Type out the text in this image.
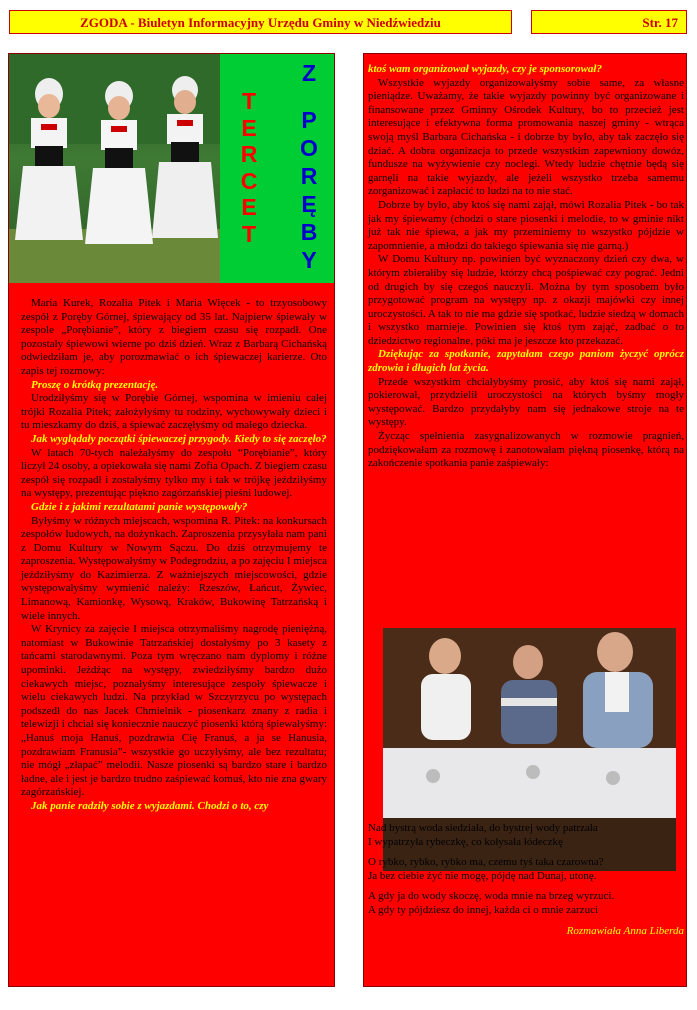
ZGODA - Biuletyn Informacyjny Urzędu Gminy w Niedźwiedziu	Str. 17
T
E
R
C
E
T
Z
P
O
R
Ę
B
Y

Maria Kurek, Rozalia Pitek i Maria Więcek - to trzyosobowy zespół z Poręby Górnej, śpiewający od 35 lat. Najpierw śpiewały w zespole „Porębianie”, który z biegiem czasu się rozpadł. One pozostały śpiewowi wierne po dziś dzień. Wraz z Barbarą Cichańską odwiedziłam je, aby porozmawiać o ich śpiewaczej karierze. Oto zapis tej rozmowy:

Proszę o krótką prezentację.

Urodziłyśmy się w Porębie Górnej, wspomina w imieniu całej trójki Rozalia Pitek; założyłyśmy tu rodziny, wychowywały dzieci i tu mieszkamy do dziś, a śpiewać zaczęłyśmy od małego dziecka.

Jak wyglądały początki śpiewaczej przygody. Kiedy to się zaczęło?

W latach 70-tych należałyśmy do zespołu “Porębianie”, który liczył 24 osoby, a opiekowała się nami Zofia Opach. Z biegiem czasu zespół się rozpadł i zostałyśmy tylko my i tak w trójkę jeździłyśmy na występy, prezentując piękno zagórzańskiej pieśni ludowej.

Gdzie i z jakimi rezultatami panie występowały?

Byłyśmy w różnych miejscach, wspomina R. Pitek: na konkursach zespołów ludowych, na dożynkach. Zaproszenia przysyłała nam pani z Domu Kultury w Nowym Sączu. Do dziś otrzymujemy te zaproszenia. Występowałyśmy w Podegrodziu, a po zajęciu I miejsca jeździłyśmy do Kazimierza. Z ważniejszych miejscowości, gdzie występowałyśmy wymienić należy: Rzeszów, Łańcut, Żywiec, Limanową, Kamionkę, Wysową, Kraków, Bukowinę Tatrzańską i wiele innych.

W Krynicy za zajęcie I miejsca otrzymaliśmy nagrodę pieniężną, natomiast w Bukowinie Tatrzańskiej dostałyśmy po 3 kasety z tańcami starodawnymi. Poza tym wręczano nam dyplomy i różne upominki. Jeżdżąc na występy, zwiedziłyśmy bardzo dużo ciekawych miejsc, poznałyśmy interesujące zespoły śpiewacze i wielu ciekawych ludzi. Na przykład w Szczyrzycu po występach podszedł do nas Jacek Chmielnik - piosenkarz znany z radia i telewizji i chciał się koniecznie nauczyć piosenki którą śpiewałyśmy: „Hanuś moja Hanuś, pozdrawia Cię Franuś, a ja se Hanusia, pozdrawiam Franusia”- wszystkie go uczyłyśmy, ale bez rezultatu; nie mógł „złapać” melodii. Nasze piosenki są bardzo stare i bardzo ładne, ale i jest je bardzo trudno zaśpiewać komuś, kto nie zna gwary zagórzańskiej.

Jak panie radziły sobie z wyjazdami. Chodzi o to, czy

ktoś wam organizował wyjazdy, czy je sponsorował?

Wszystkie wyjazdy organizowałyśmy sobie same, za własne pieniądze. Uważamy, że takie wyjazdy powinny być organizowane i finansowane przez Gminny Ośrodek Kultury, bo to przecież jest interesujące i efektywna forma promowania naszej gminy - wtrąca swoją myśl Barbara Cichańska - i dobrze by było, aby tak zaczęło się dziać. A dobra organizacja to przede wszystkim zapewniony dowóz, fundusze na wyżywienie czy noclegi. Wtedy ludzie chętnie będą się garnęli na takie wyjazdy, ale jeżeli wszystko trzeba samemu zorganizować i zapłacić to ludzi na to nie stać.

Dobrze by było, aby ktoś się nami zajął, mówi Rozalia Pitek - bo tak jak my śpiewamy (chodzi o stare piosenki i melodie, to w gminie nikt już tak nie śpiewa, a jak my przeminiemy to wszystko pójdzie w zapomnienie, a młodzi do takiego śpiewania się nie garną.)

W Domu Kultury np. powinien być wyznaczony dzień czy dwa, w którym zbierałiby się ludzie, którzy chcą pośpiewać czy pograć. Jedni od drugich by się czegoś nauczyli. Można by tym sposobem było przygotować program na występy np. z okazji majówki czy innej uroczystości. A tak to nie ma gdzie się spotkać, ludzie siedzą w domach i wszystko marnieje. Powinien się ktoś tym zająć, zadbać o to dziedzictwo regionalne, póki ma je jeszcze kto przekazać.

Dziękując za spotkanie, zapytałam czego paniom życzyć oprócz zdrowia i długich lat życia.

Przede wszystkim chciałybyśmy prosić, aby ktoś się nami zajął, pokierował, przydzielił uroczystości na których byśmy mogły występować. Bardzo przydałyby nam się jednakowe stroje na te występy.

Życząc spełnienia zasygnalizowanych w rozmowie pragnień, podziękowałam za rozmowę i zanotowałam piękną piosenkę, którą na zakończenie spotkania panie zaśpiewały:

Nad bystrą woda siedziała, do bystrej wody patrzała
I wypatrzyła rybeczkę, co kołysała łódeczkę

O rybko, rybko, rybko ma, czemu tyś taka czarowna?
Ja bez ciebie żyć nie mogę, pójdę nad Dunaj, utonę.

A gdy ja do wody skoczę, woda mnie na brzeg wyrzuci.
A gdy ty pójdziesz do innej, każda ci o mnie zarzuci

Rozmawiała Anna Liberda
